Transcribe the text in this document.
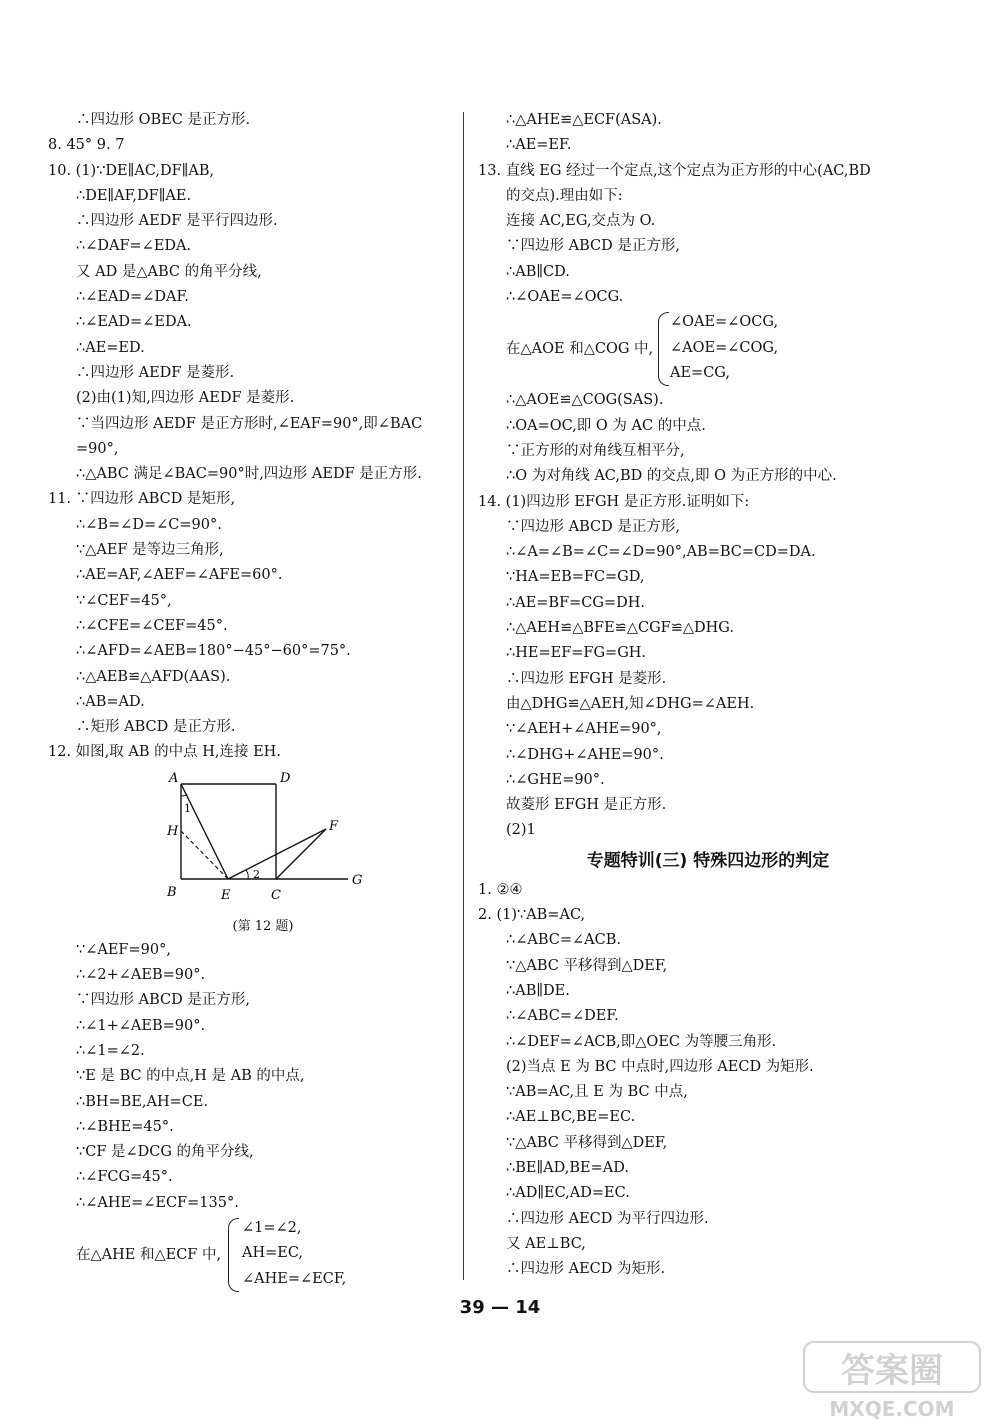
∴四边形 OBEC 是正方形.
8. 45° 9. 7
10. (1)∵DE∥AC,DF∥AB,
∴DE∥AF,DF∥AE.
∴四边形 AEDF 是平行四边形.
∴∠DAF=∠EDA.
又 AD 是△ABC 的角平分线,
∴∠EAD=∠DAF.
∴∠EAD=∠EDA.
∴AE=ED.
∴四边形 AEDF 是菱形.
(2)由(1)知,四边形 AEDF 是菱形.
∵当四边形 AEDF 是正方形时,∠EAF=90°,即∠BAC
=90°,
∴△ABC 满足∠BAC=90°时,四边形 AEDF 是正方形.
11. ∵四边形 ABCD 是矩形,
∴∠B=∠D=∠C=90°.
∵△AEF 是等边三角形,
∴AE=AF,∠AEF=∠AFE=60°.
∵∠CEF=45°,
∴∠CFE=∠CEF=45°.
∴∠AFD=∠AEB=180°−45°−60°=75°.
∴△AEB≌△AFD(AAS).
∴AB=AD.
∴矩形 ABCD 是正方形.
12. 如图,取 AB 的中点 H,连接 EH.
A	D
H
1
F
B	E
2
C
G
(第 12 题)
∵∠AEF=90°,
∴∠2+∠AEB=90°.
∵四边形 ABCD 是正方形,
∴∠1+∠AEB=90°.
∴∠1=∠2.
∵E 是 BC 的中点,H 是 AB 的中点,
∴BH=BE,AH=CE.
∴∠BHE=45°.
∵CF 是∠DCG 的角平分线,
∴∠FCG=45°.
∴∠AHE=∠ECF=135°.
在△AHE 和△ECF 中,
∠1=∠2,
AH=EC,
∠AHE=∠ECF,
∴△AHE≌△ECF(ASA).
∴AE=EF.
13. 直线 EG 经过一个定点,这个定点为正方形的中心(AC,BD
的交点).理由如下:
连接 AC,EG,交点为 O.
∵四边形 ABCD 是正方形,
∴AB∥CD.
∴∠OAE=∠OCG.
在△AOE 和△COG 中,
∠OAE=∠OCG,
∠AOE=∠COG,
AE=CG,
∴△AOE≌△COG(SAS).
∴OA=OC,即 O 为 AC 的中点.
∵正方形的对角线互相平分,
∴O 为对角线 AC,BD 的交点,即 O 为正方形的中心.
14. (1)四边形 EFGH 是正方形.证明如下:
∵四边形 ABCD 是正方形,
∴∠A=∠B=∠C=∠D=90°,AB=BC=CD=DA.
∵HA=EB=FC=GD,
∴AE=BF=CG=DH.
∴△AEH≌△BFE≌△CGF≌△DHG.
∴HE=EF=FG=GH.
∴四边形 EFGH 是菱形.
由△DHG≌△AEH,知∠DHG=∠AEH.
∵∠AEH+∠AHE=90°,
∴∠DHG+∠AHE=90°.
∴∠GHE=90°.
故菱形 EFGH 是正方形.
(2)1
专题特训(三) 特殊四边形的判定
1. ②④
2. (1)∵AB=AC,
∴∠ABC=∠ACB.
∵△ABC 平移得到△DEF,
∴AB∥DE.
∴∠ABC=∠DEF.
∴∠DEF=∠ACB,即△OEC 为等腰三角形.
(2)当点 E 为 BC 中点时,四边形 AECD 为矩形.
∵AB=AC,且 E 为 BC 中点,
∴AE⊥BC,BE=EC.
∵△ABC 平移得到△DEF,
∴BE∥AD,BE=AD.
∴AD∥EC,AD=EC.
∴四边形 AECD 为平行四边形.
又 AE⊥BC,
∴四边形 AECD 为矩形.
39 — 14
答案圈
MXQE.COM
